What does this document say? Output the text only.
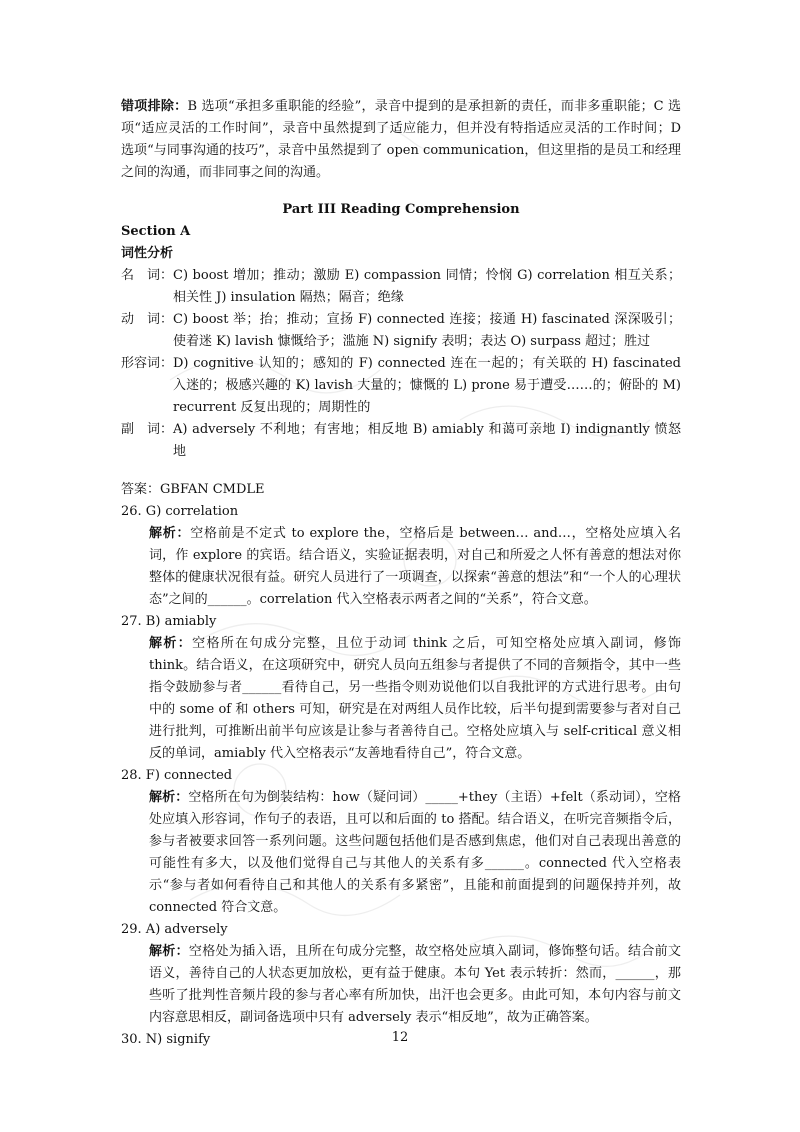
错项排除：B 选项“承担多重职能的经验”，录音中提到的是承担新的责任，而非多重职能；C 选项“适应灵活的工作时间”，录音中虽然提到了适应能力，但并没有特指适应灵活的工作时间；D 选项“与同事沟通的技巧”，录音中虽然提到了 open communication，但这里指的是员工和经理之间的沟通，而非同事之间的沟通。

Part III Reading Comprehension

Section A

词性分析

名　词： C) boost 增加；推动；激励 E) compassion 同情；怜悯 G) correlation 相互关系；相关性 J) insulation 隔热；隔音；绝缘
动　词： C) boost 举；抬；推动；宣扬 F) connected 连接；接通 H) fascinated 深深吸引；使着迷 K) lavish 慷慨给予；滥施 N) signify 表明；表达 O) surpass 超过；胜过
形容词： D) cognitive 认知的；感知的 F) connected 连在一起的；有关联的 H) fascinated 入迷的；极感兴趣的 K) lavish 大量的；慷慨的 L) prone 易于遭受……的；俯卧的 M) recurrent 反复出现的；周期性的
副　词： A) adversely 不利地；有害地；相反地 B) amiably 和蔼可亲地 I) indignantly 愤怒地

答案：GBFAN CMDLE

26. G) correlation

解析：空格前是不定式 to explore the，空格后是 between… and…，空格处应填入名词，作 explore 的宾语。结合语义，实验证据表明，对自己和所爱之人怀有善意的想法对你整体的健康状况很有益。研究人员进行了一项调查，以探索“善意的想法”和“一个人的心理状态”之间的______。correlation 代入空格表示两者之间的“关系”，符合文意。

27. B) amiably

解析：空格所在句成分完整，且位于动词 think 之后，可知空格处应填入副词，修饰 think。结合语义，在这项研究中，研究人员向五组参与者提供了不同的音频指令，其中一些指令鼓励参与者______看待自己，另一些指令则劝说他们以自我批评的方式进行思考。由句中的 some of 和 others 可知，研究是在对两组人员作比较，后半句提到需要参与者对自己进行批判，可推断出前半句应该是让参与者善待自己。空格处应填入与 self-critical 意义相反的单词，amiably 代入空格表示“友善地看待自己”，符合文意。

28. F) connected

解析：空格所在句为倒装结构：how（疑问词）_____+they（主语）+felt（系动词），空格处应填入形容词，作句子的表语，且可以和后面的 to 搭配。结合语义，在听完音频指令后，参与者被要求回答一系列问题。这些问题包括他们是否感到焦虑，他们对自己表现出善意的可能性有多大，以及他们觉得自己与其他人的关系有多______。connected 代入空格表示“参与者如何看待自己和其他人的关系有多紧密”，且能和前面提到的问题保持并列，故 connected 符合文意。

29. A) adversely

解析：空格处为插入语，且所在句成分完整，故空格处应填入副词，修饰整句话。结合前文语义，善待自己的人状态更加放松，更有益于健康。本句 Yet 表示转折：然而，______，那些听了批判性音频片段的参与者心率有所加快，出汗也会更多。由此可知，本句内容与前文内容意思相反，副词备选项中只有 adversely 表示“相反地”，故为正确答案。

30. N) signify	12
